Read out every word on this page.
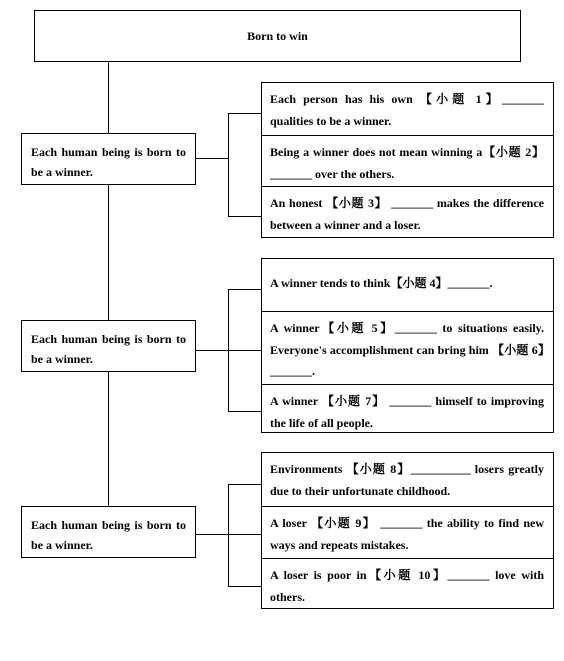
Born to win
Each human being is born to be a winner.
Each human being is born to be a winner.
Each human being is born to be a winner.
Each person has his own 【小题 1】_______ qualities to be a winner.
Being a winner does not mean winning a【小题 2】 _______ over the others.
An honest 【小题 3】 _______ makes the difference between a winner and a loser.
A winner tends to think【小题 4】_______.
A winner【小题 5】_______ to situations easily. Everyone's accomplishment can bring him 【小题 6】_______.
A winner 【小题 7】 _______ himself to improving the life of all people.
Environments 【小题 8】__________ losers greatly due to their unfortunate childhood.
A loser 【小题 9】 _______ the ability to find new ways and repeats mistakes.
A loser is poor in【小题 10】_______ love with others.
